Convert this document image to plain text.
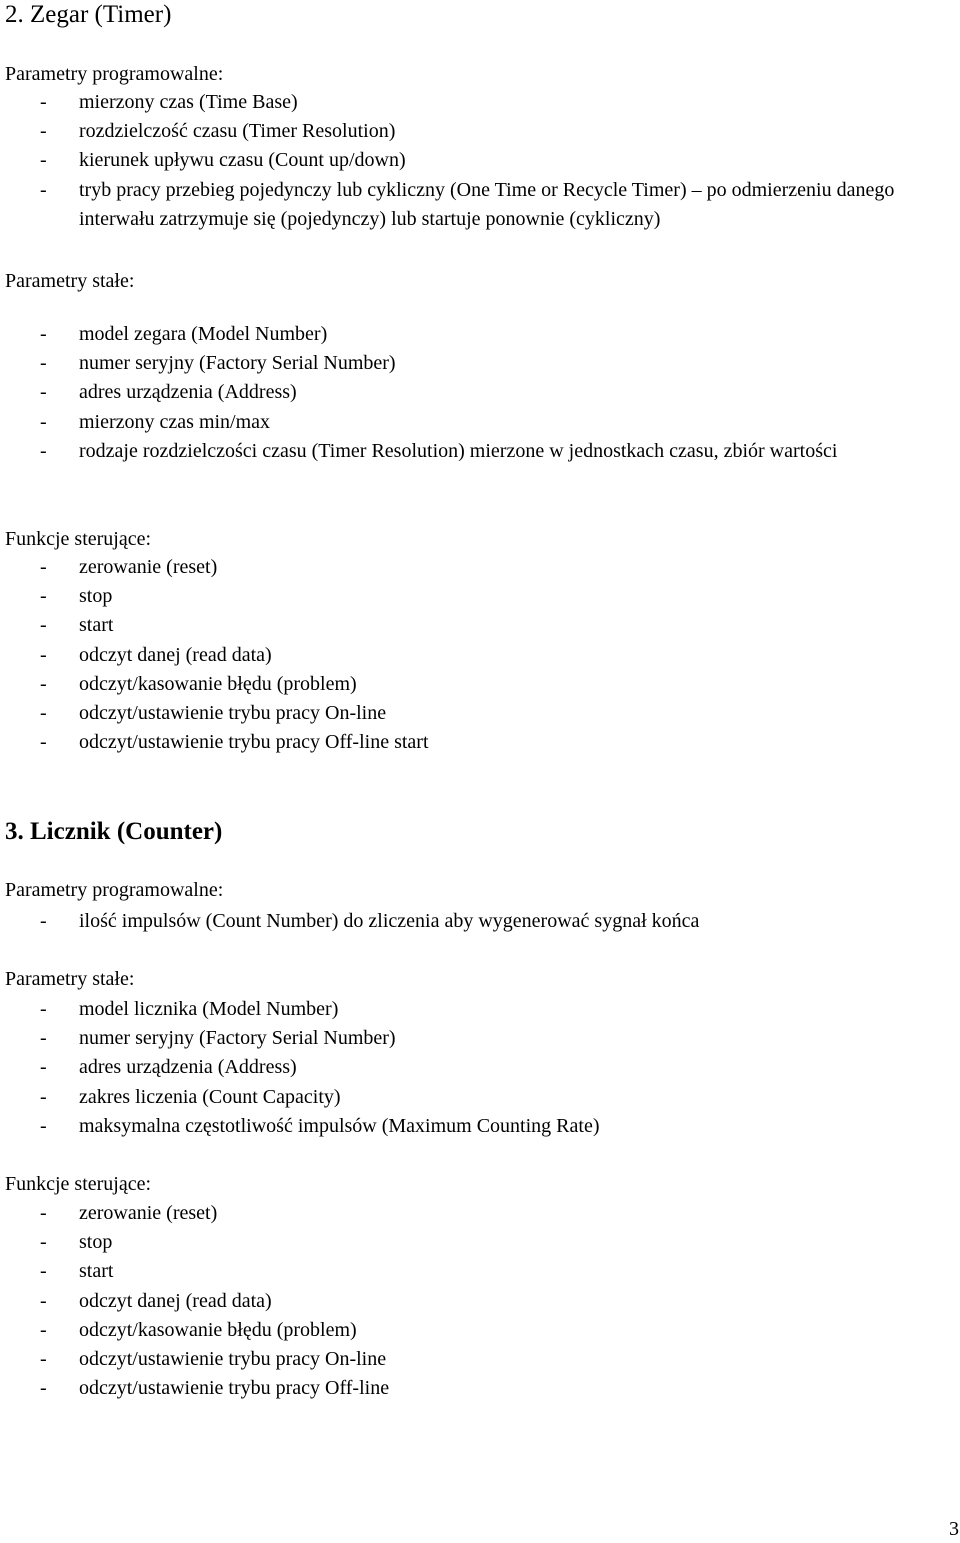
2. Zegar (Timer)
Parametry programowalne:
- mierzony czas (Time Base)
- rozdzielczość czasu (Timer Resolution)
- kierunek upływu czasu (Count up/down)
- tryb pracy przebieg pojedynczy lub cykliczny (One Time or Recycle Timer) – po odmierzeniu danego interwału zatrzymuje się (pojedynczy) lub startuje ponownie (cykliczny)
Parametry stałe:
- model zegara (Model Number)
- numer seryjny (Factory Serial Number)
- adres urządzenia (Address)
- mierzony czas min/max
- rodzaje rozdzielczości czasu (Timer Resolution) mierzone w jednostkach czasu, zbiór wartości
Funkcje sterujące:
- zerowanie (reset)
- stop
- start
- odczyt danej (read data)
- odczyt/kasowanie błędu (problem)
- odczyt/ustawienie trybu pracy On-line
- odczyt/ustawienie trybu pracy Off-line start
3. Licznik (Counter)
Parametry programowalne:
- ilość impulsów (Count Number) do zliczenia aby wygenerować sygnał końca
Parametry stałe:
- model licznika (Model Number)
- numer seryjny (Factory Serial Number)
- adres urządzenia (Address)
- zakres liczenia (Count Capacity)
- maksymalna częstotliwość impulsów (Maximum Counting Rate)
Funkcje sterujące:
- zerowanie (reset)
- stop
- start
- odczyt danej (read data)
- odczyt/kasowanie błędu (problem)
- odczyt/ustawienie trybu pracy On-line
- odczyt/ustawienie trybu pracy Off-line
3
